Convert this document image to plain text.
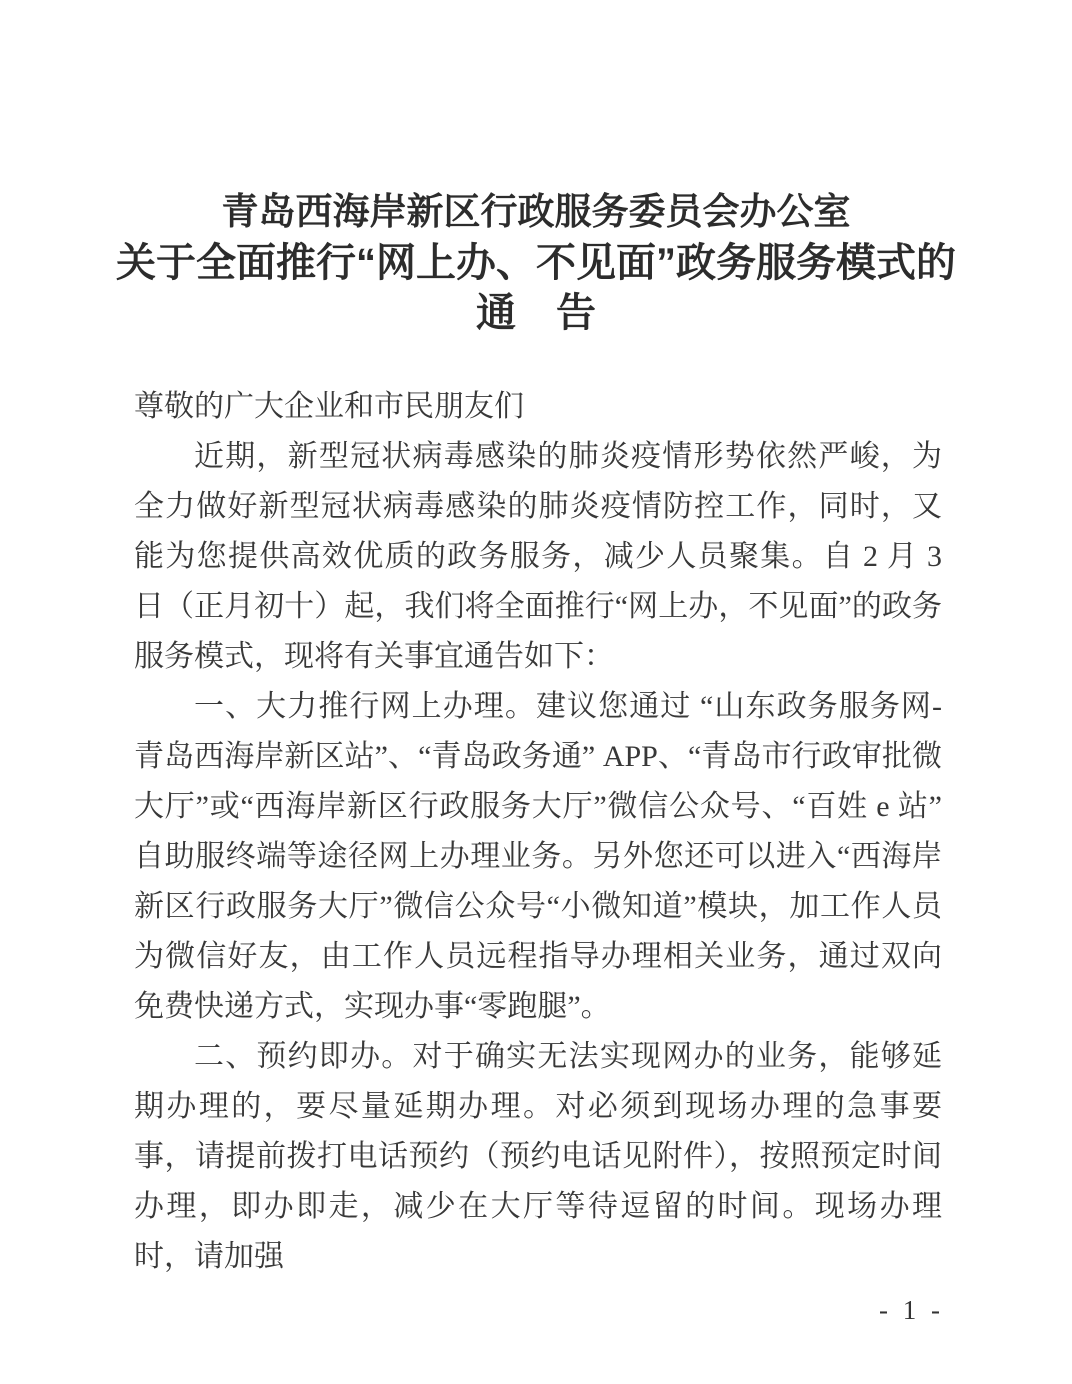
青岛西海岸新区行政服务委员会办公室
关于全面推行“网上办、不见面”政务服务模式的
通　告

尊敬的广大企业和市民朋友们

近期，新型冠状病毒感染的肺炎疫情形势依然严峻，为全力做好新型冠状病毒感染的肺炎疫情防控工作，同时，又能为您提供高效优质的政务服务，减少人员聚集。自 2 月 3 日（正月初十）起，我们将全面推行“网上办，不见面”的政务服务模式，现将有关事宜通告如下：

一、大力推行网上办理。建议您通过 “山东政务服务网-青岛西海岸新区站”、“青岛政务通” APP、“青岛市行政审批微大厅”或“西海岸新区行政服务大厅”微信公众号、“百姓 e 站”自助服终端等途径网上办理业务。另外您还可以进入“西海岸新区行政服务大厅”微信公众号“小微知道”模块，加工作人员为微信好友，由工作人员远程指导办理相关业务，通过双向免费快递方式，实现办事“零跑腿”。

二、预约即办。对于确实无法实现网办的业务，能够延期办理的，要尽量延期办理。对必须到现场办理的急事要事，请提前拨打电话预约（预约电话见附件），按照预定时间办理，即办即走，减少在大厅等待逗留的时间。现场办理时，请加强

- 1 -
